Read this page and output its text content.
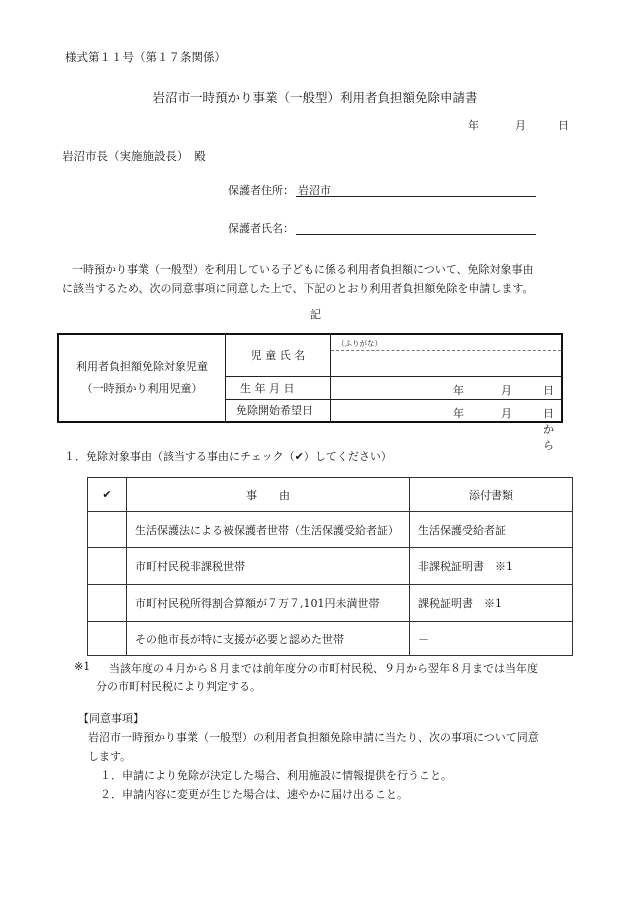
様式第１１号（第１７条関係）
岩沼市一時預かり事業（一般型）利用者負担額免除申請書
年	月	日
岩沼市長（実施施設長）　殿
保護者住所： 岩沼市
保護者氏名：
一時預かり事業（一般型）を利用している子どもに係る利用者負担額について、免除対象事由
に該当するため、次の同意事項に同意した上で、下記のとおり利用者負担額免除を申請します。
記
利用者負担額免除対象児童
（一時預かり利用児童）	児 童 氏 名	（ふりがな）

	生 年 月 日	年 月 日

	免除開始希望日	年 月 日から
１．免除対象事由（該当する事由にチェック（✔）してください）
✔	事　　由	添付書類
	生活保護法による被保護者世帯（生活保護受給者証）	生活保護受給者証
	市町村民税非課税世帯	非課税証明書　※1
	市町村民税所得割合算額が７万７,101円未満世帯	課税証明書　※1
	その他市長が特に支援が必要と認めた世帯	－
※1 当該年度の４月から８月までは前年度分の市町村民税、９月から翌年８月までは当年度
分の市町村民税により判定する。
【同意事項】
岩沼市一時預かり事業（一般型）の利用者負担額免除申請に当たり、次の事項について同意
します。
１．申請により免除が決定した場合、利用施設に情報提供を行うこと。
２．申請内容に変更が生じた場合は、速やかに届け出ること。
